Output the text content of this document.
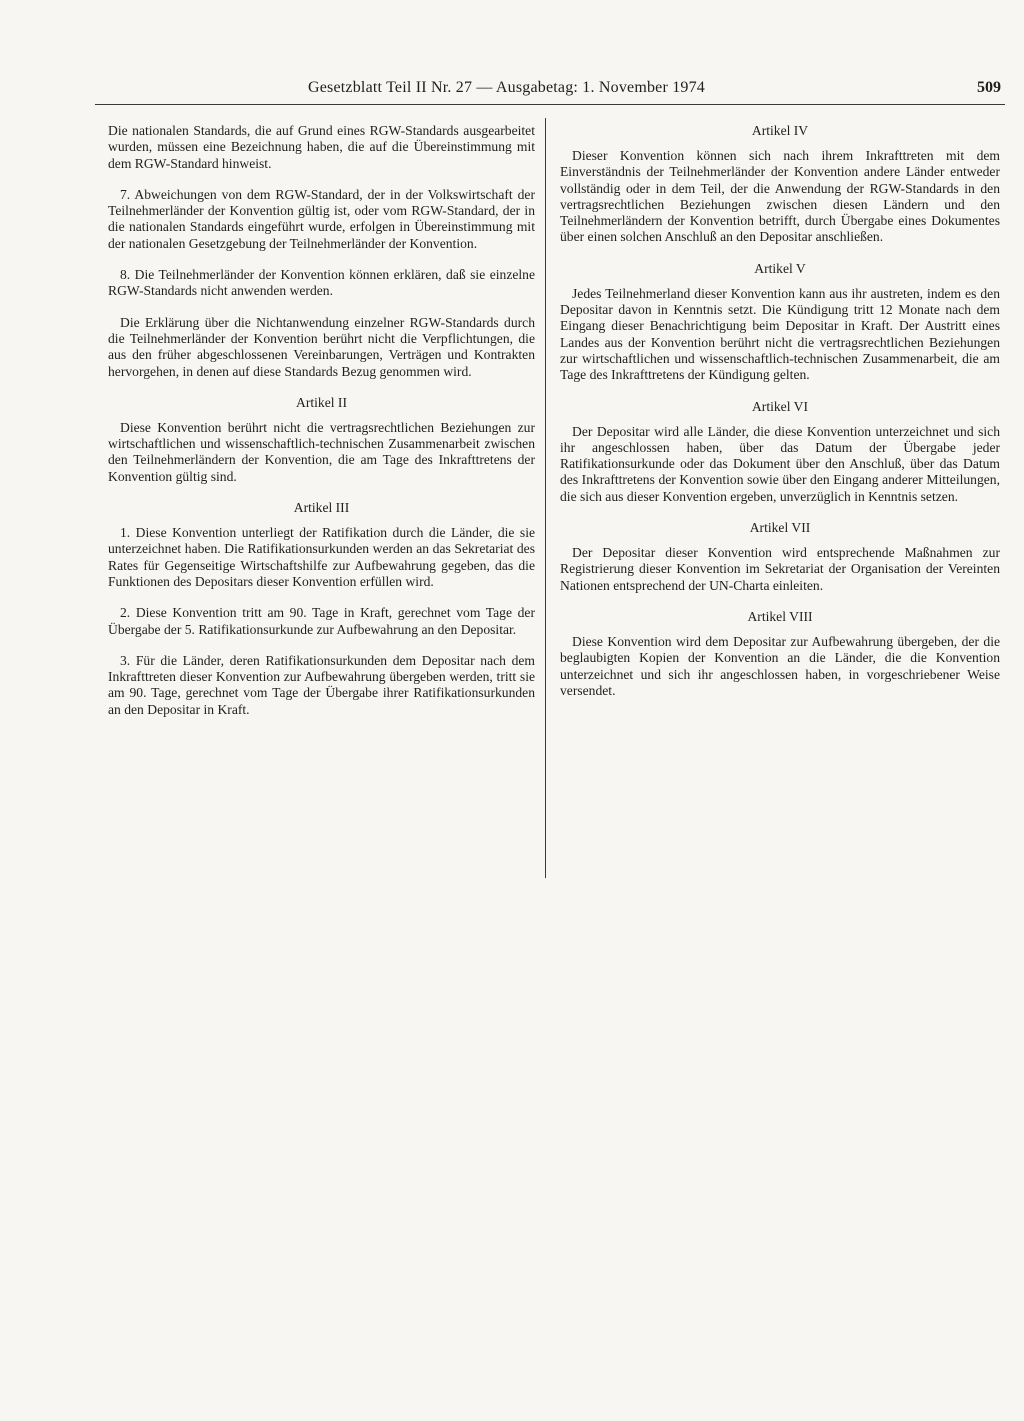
Gesetzblatt Teil II Nr. 27 — Ausgabetag: 1. November 1974	509

Die nationalen Standards, die auf Grund eines RGW-Standards ausgearbeitet wurden, müssen eine Bezeichnung haben, die auf die Übereinstimmung mit dem RGW-Standard hinweist.

7. Abweichungen von dem RGW-Standard, der in der Volkswirtschaft der Teilnehmerländer der Konvention gültig ist, oder vom RGW-Standard, der in die nationalen Standards eingeführt wurde, erfolgen in Übereinstimmung mit der nationalen Gesetzgebung der Teilnehmerländer der Konvention.

8. Die Teilnehmerländer der Konvention können erklären, daß sie einzelne RGW-Standards nicht anwenden werden.

Die Erklärung über die Nichtanwendung einzelner RGW-Standards durch die Teilnehmerländer der Konvention berührt nicht die Verpflichtungen, die aus den früher abgeschlossenen Vereinbarungen, Verträgen und Kontrakten hervorgehen, in denen auf diese Standards Bezug genommen wird.

Artikel II

Diese Konvention berührt nicht die vertragsrechtlichen Beziehungen zur wirtschaftlichen und wissenschaftlich-technischen Zusammenarbeit zwischen den Teilnehmerländern der Konvention, die am Tage des Inkrafttretens der Konvention gültig sind.

Artikel III

1. Diese Konvention unterliegt der Ratifikation durch die Länder, die sie unterzeichnet haben. Die Ratifikationsurkunden werden an das Sekretariat des Rates für Gegenseitige Wirtschaftshilfe zur Aufbewahrung gegeben, das die Funktionen des Depositars dieser Konvention erfüllen wird.

2. Diese Konvention tritt am 90. Tage in Kraft, gerechnet vom Tage der Übergabe der 5. Ratifikationsurkunde zur Aufbewahrung an den Depositar.

3. Für die Länder, deren Ratifikationsurkunden dem Depositar nach dem Inkrafttreten dieser Konvention zur Aufbewahrung übergeben werden, tritt sie am 90. Tage, gerechnet vom Tage der Übergabe ihrer Ratifikationsurkunden an den Depositar in Kraft.

Artikel IV

Dieser Konvention können sich nach ihrem Inkrafttreten mit dem Einverständnis der Teilnehmerländer der Konvention andere Länder entweder vollständig oder in dem Teil, der die Anwendung der RGW-Standards in den vertragsrechtlichen Beziehungen zwischen diesen Ländern und den Teilnehmerländern der Konvention betrifft, durch Übergabe eines Dokumentes über einen solchen Anschluß an den Depositar anschließen.

Artikel V

Jedes Teilnehmerland dieser Konvention kann aus ihr austreten, indem es den Depositar davon in Kenntnis setzt. Die Kündigung tritt 12 Monate nach dem Eingang dieser Benachrichtigung beim Depositar in Kraft. Der Austritt eines Landes aus der Konvention berührt nicht die vertragsrechtlichen Beziehungen zur wirtschaftlichen und wissenschaftlich-technischen Zusammenarbeit, die am Tage des Inkrafttretens der Kündigung gelten.

Artikel VI

Der Depositar wird alle Länder, die diese Konvention unterzeichnet und sich ihr angeschlossen haben, über das Datum der Übergabe jeder Ratifikationsurkunde oder das Dokument über den Anschluß, über das Datum des Inkrafttretens der Konvention sowie über den Eingang anderer Mitteilungen, die sich aus dieser Konvention ergeben, unverzüglich in Kenntnis setzen.

Artikel VII

Der Depositar dieser Konvention wird entsprechende Maßnahmen zur Registrierung dieser Konvention im Sekretariat der Organisation der Vereinten Nationen entsprechend der UN-Charta einleiten.

Artikel VIII

Diese Konvention wird dem Depositar zur Aufbewahrung übergeben, der die beglaubigten Kopien der Konvention an die Länder, die die Konvention unterzeichnet und sich ihr angeschlossen haben, in vorgeschriebener Weise versendet.
